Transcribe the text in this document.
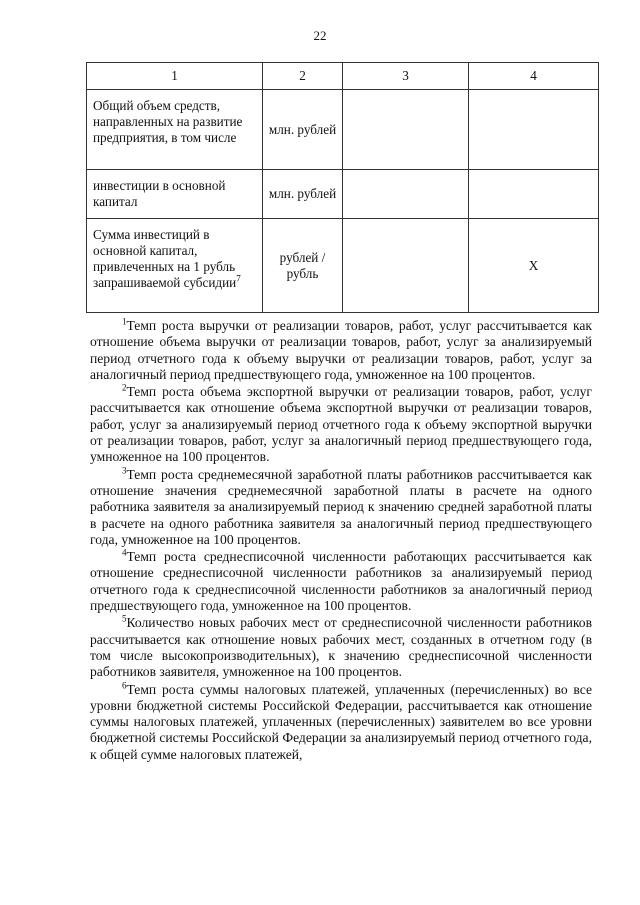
22
1	2	3	4
Общий объем средств, направленных на развитие предприятия, в том числе	млн. рублей		
инвестиции в основной капитал	млн. рублей		
Сумма инвестиций в основной капитал, привлеченных на 1 рубль запрашиваемой субсидии$^7$	рублей / рубль		X

$^1$Темп роста выручки от реализации товаров, работ, услуг рассчитывается как отношение объема выручки от реализации товаров, работ, услуг за анализируемый период отчетного года к объему выручки от реализации товаров, работ, услуг за аналогичный период предшествующего года, умноженное на 100 процентов.

$^2$Темп роста объема экспортной выручки от реализации товаров, работ, услуг рассчитывается как отношение объема экспортной выручки от реализации товаров, работ, услуг за анализируемый период отчетного года к объему экспортной выручки от реализации товаров, работ, услуг за аналогичный период предшествующего года, умноженное на 100 процентов.

$^3$Темп роста среднемесячной заработной платы работников рассчитывается как отношение значения среднемесячной заработной платы в расчете на одного работника заявителя за анализируемый период к значению средней заработной платы в расчете на одного работника заявителя за аналогичный период предшествующего года, умноженное на 100 процентов.

$^4$Темп роста среднесписочной численности работающих рассчитывается как отношение среднесписочной численности работников за анализируемый период отчетного года к среднесписочной численности работников за аналогичный период предшествующего года, умноженное на 100 процентов.

$^5$Количество новых рабочих мест от среднесписочной численности работников рассчитывается как отношение новых рабочих мест, созданных в отчетном году (в том числе высокопроизводительных), к значению среднесписочной численности работников заявителя, умноженное на 100 процентов.

$^6$Темп роста суммы налоговых платежей, уплаченных (перечисленных) во все уровни бюджетной системы Российской Федерации, рассчитывается как отношение суммы налоговых платежей, уплаченных (перечисленных) заявителем во все уровни бюджетной системы Российской Федерации за анализируемый период отчетного года, к общей сумме налоговых платежей,
